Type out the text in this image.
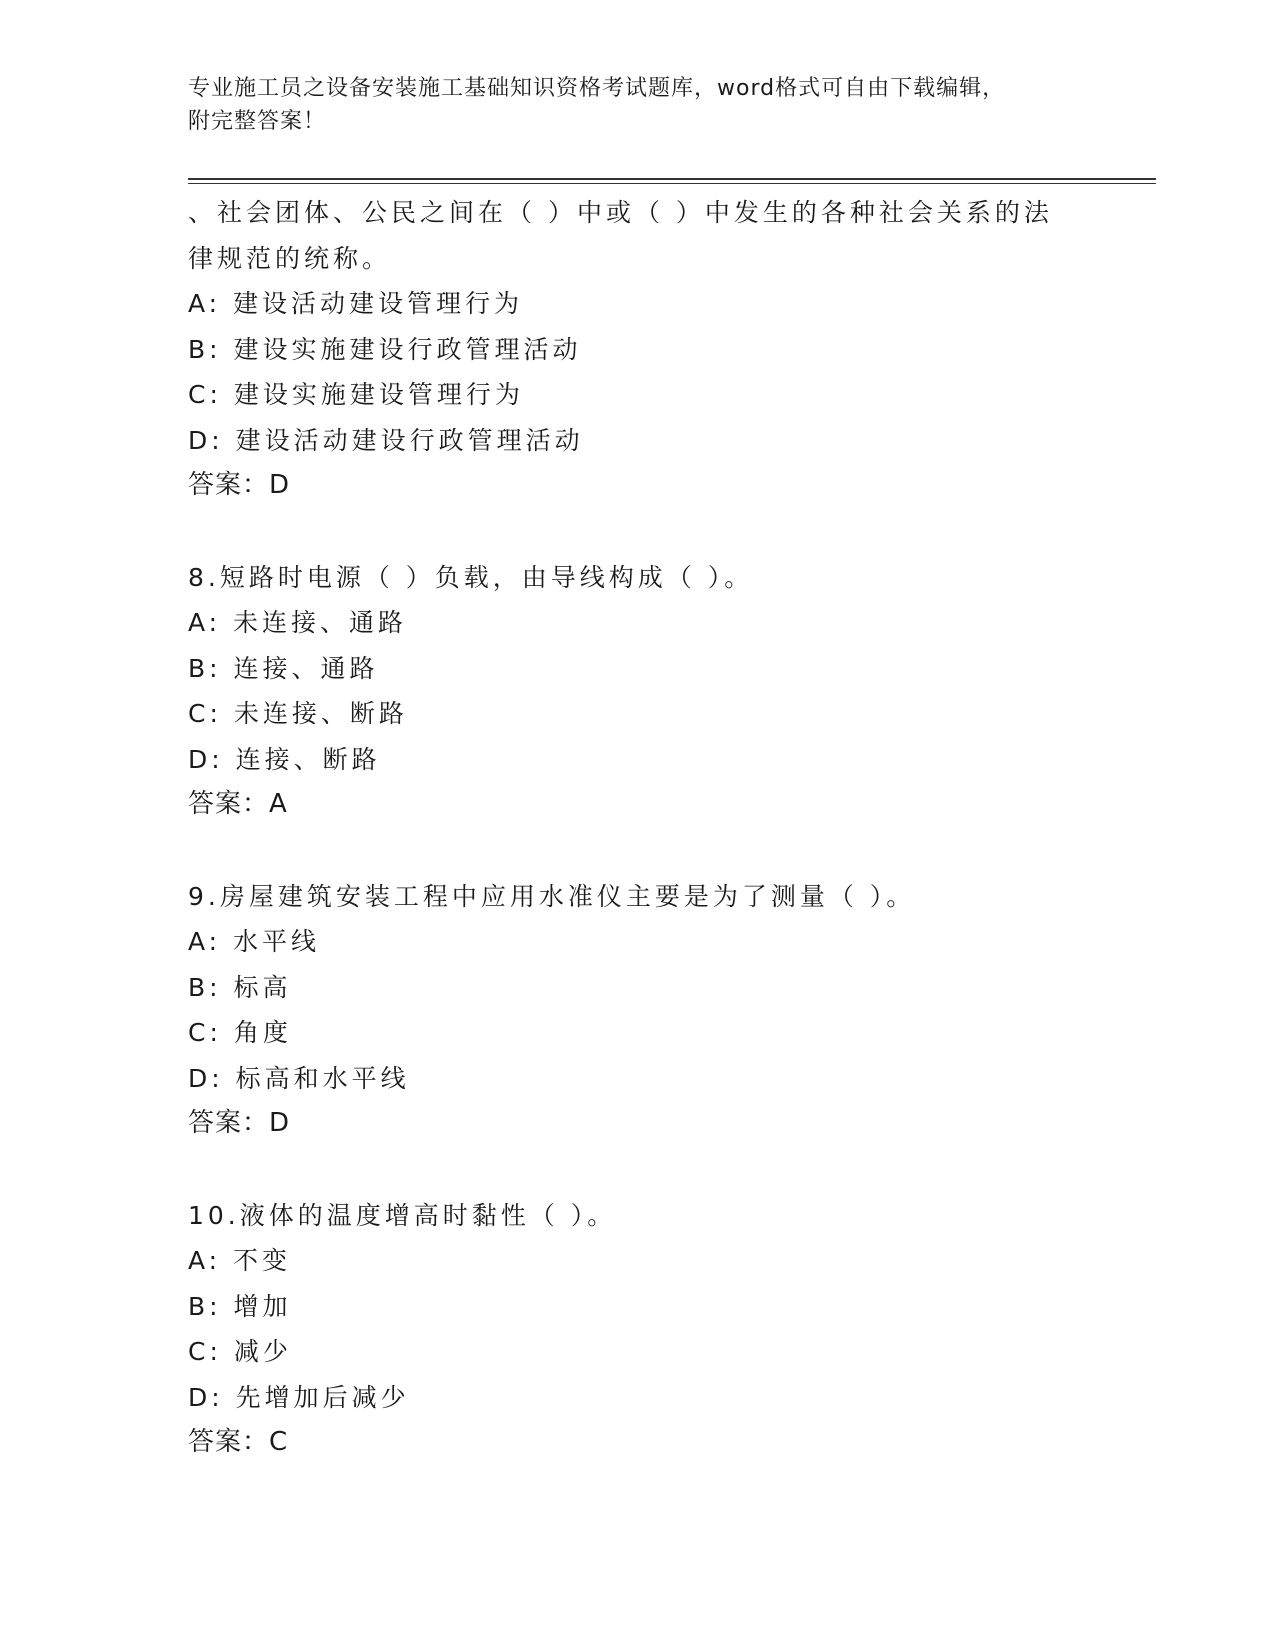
专业施工员之设备安装施工基础知识资格考试题库，word格式可自由下载编辑，
附完整答案！
、社会团体、公民之间在（ ）中或（ ）中发生的各种社会关系的法
律规范的统称。
A: 建设活动建设管理行为
B: 建设实施建设行政管理活动
C: 建设实施建设管理行为
D: 建设活动建设行政管理活动
答案：D
8.短路时电源（ ）负载，由导线构成（ ）。
A: 未连接、通路
B: 连接、通路
C: 未连接、断路
D: 连接、断路
答案：A
9.房屋建筑安装工程中应用水准仪主要是为了测量（ ）。
A: 水平线
B: 标高
C: 角度
D: 标高和水平线
答案：D
10.液体的温度增高时黏性（ ）。
A: 不变
B: 增加
C: 减少
D: 先增加后减少
答案：C
